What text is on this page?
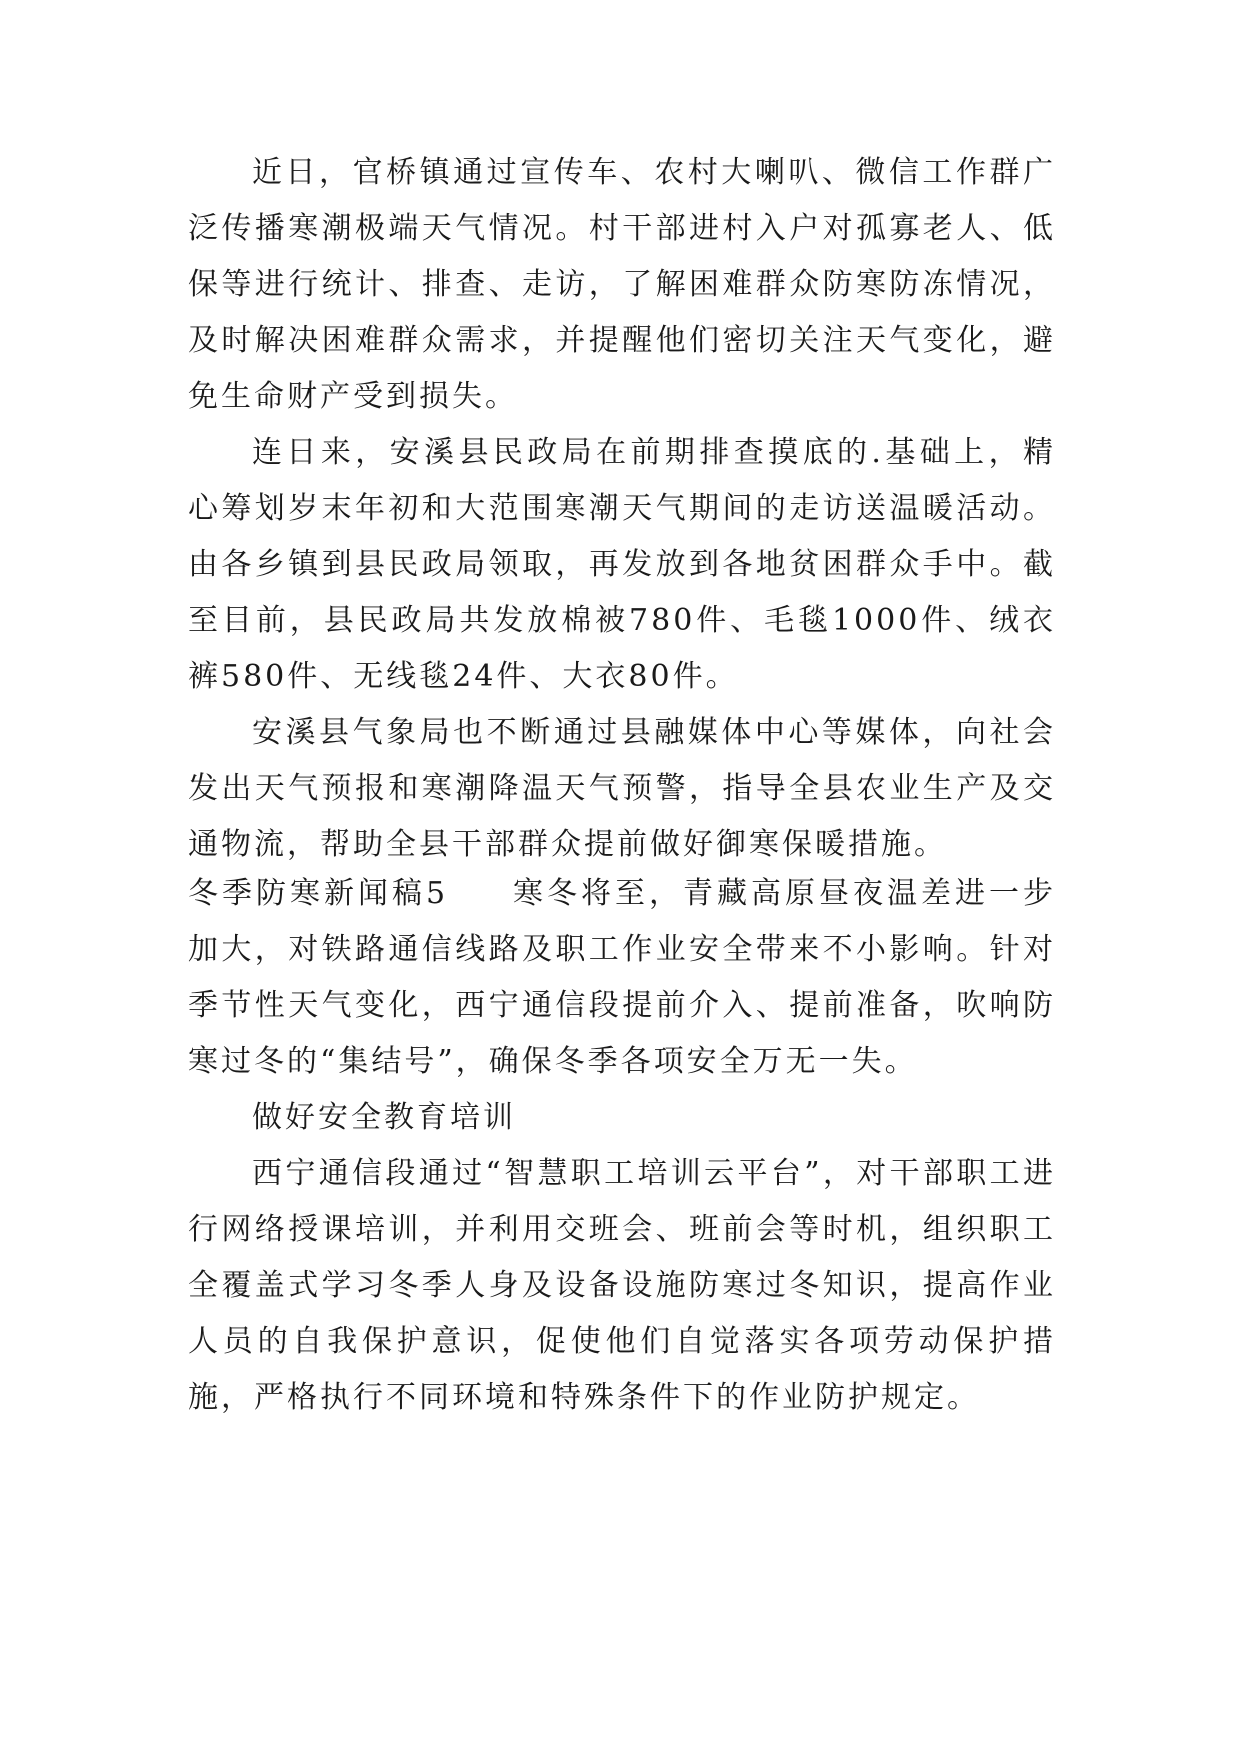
近日，官桥镇通过宣传车、农村大喇叭、微信工作群广泛传播寒潮极端天气情况。村干部进村入户对孤寡老人、低保等进行统计、排查、走访，了解困难群众防寒防冻情况，及时解决困难群众需求，并提醒他们密切关注天气变化，避免生命财产受到损失。

连日来，安溪县民政局在前期排查摸底的.基础上，精心筹划岁末年初和大范围寒潮天气期间的走访送温暖活动。由各乡镇到县民政局领取，再发放到各地贫困群众手中。截至目前，县民政局共发放棉被780件、毛毯1000件、绒衣裤580件、无线毯24件、大衣80件。

安溪县气象局也不断通过县融媒体中心等媒体，向社会发出天气预报和寒潮降温天气预警，指导全县农业生产及交通物流，帮助全县干部群众提前做好御寒保暖措施。

冬季防寒新闻稿5 寒冬将至，青藏高原昼夜温差进一步加大，对铁路通信线路及职工作业安全带来不小影响。针对季节性天气变化，西宁通信段提前介入、提前准备，吹响防寒过冬的“集结号”，确保冬季各项安全万无一失。

做好安全教育培训

西宁通信段通过“智慧职工培训云平台”，对干部职工进行网络授课培训，并利用交班会、班前会等时机，组织职工全覆盖式学习冬季人身及设备设施防寒过冬知识，提高作业人员的自我保护意识，促使他们自觉落实各项劳动保护措施，严格执行不同环境和特殊条件下的作业防护规定。
